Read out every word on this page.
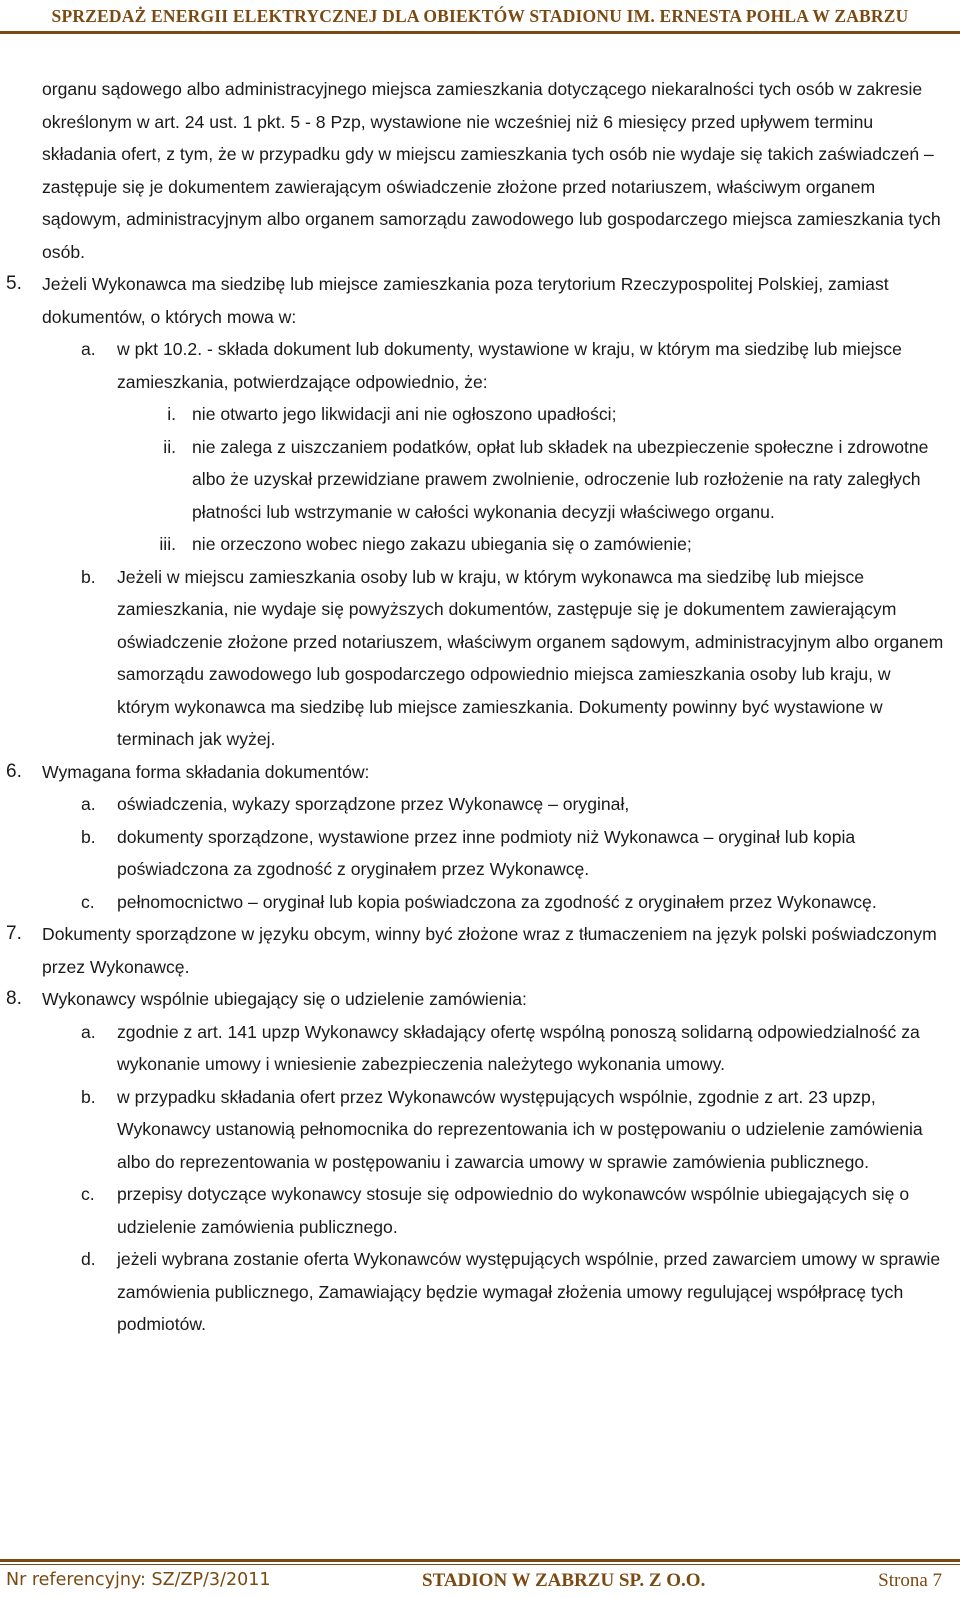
SPRZEDAŻ ENERGII ELEKTRYCZNEJ DLA OBIEKTÓW STADIONU IM. ERNESTA POHLA W ZABRZU

organu sądowego albo administracyjnego miejsca zamieszkania dotyczącego niekaralności tych osób w zakresie określonym w art. 24 ust. 1 pkt. 5 - 8 Pzp, wystawione nie wcześniej niż 6 miesięcy przed upływem terminu składania ofert, z tym, że w przypadku gdy w miejscu zamieszkania tych osób nie wydaje się takich zaświadczeń – zastępuje się je dokumentem zawierającym oświadczenie złożone przed notariuszem, właściwym organem sądowym, administracyjnym albo organem samorządu zawodowego lub gospodarczego miejsca zamieszkania tych osób.

5. Jeżeli Wykonawca ma siedzibę lub miejsce zamieszkania poza terytorium Rzeczypospolitej Polskiej, zamiast dokumentów, o których mowa w:
a. w pkt 10.2. - składa dokument lub dokumenty, wystawione w kraju, w którym ma siedzibę lub miejsce zamieszkania, potwierdzające odpowiednio, że:
i. nie otwarto jego likwidacji ani nie ogłoszono upadłości;
ii. nie zalega z uiszczaniem podatków, opłat lub składek na ubezpieczenie społeczne i zdrowotne albo że uzyskał przewidziane prawem zwolnienie, odroczenie lub rozłożenie na raty zaległych płatności lub wstrzymanie w całości wykonania decyzji właściwego organu.
iii. nie orzeczono wobec niego zakazu ubiegania się o zamówienie;
b. Jeżeli w miejscu zamieszkania osoby lub w kraju, w którym wykonawca ma siedzibę lub miejsce zamieszkania, nie wydaje się powyższych dokumentów, zastępuje się je dokumentem zawierającym oświadczenie złożone przed notariuszem, właściwym organem sądowym, administracyjnym albo organem samorządu zawodowego lub gospodarczego odpowiednio miejsca zamieszkania osoby lub kraju, w którym wykonawca ma siedzibę lub miejsce zamieszkania. Dokumenty powinny być wystawione w terminach jak wyżej.
6. Wymagana forma składania dokumentów:
a. oświadczenia, wykazy sporządzone przez Wykonawcę – oryginał,
b. dokumenty sporządzone, wystawione przez inne podmioty niż Wykonawca – oryginał lub kopia poświadczona za zgodność z oryginałem przez Wykonawcę.
c. pełnomocnictwo – oryginał lub kopia poświadczona za zgodność z oryginałem przez Wykonawcę.
7. Dokumenty sporządzone w języku obcym, winny być złożone wraz z tłumaczeniem na język polski poświadczonym przez Wykonawcę.
8. Wykonawcy wspólnie ubiegający się o udzielenie zamówienia:
a. zgodnie z art. 141 upzp Wykonawcy składający ofertę wspólną ponoszą solidarną odpowiedzialność za wykonanie umowy i wniesienie zabezpieczenia należytego wykonania umowy.
b. w przypadku składania ofert przez Wykonawców występujących wspólnie, zgodnie z art. 23 upzp, Wykonawcy ustanowią pełnomocnika do reprezentowania ich w postępowaniu o udzielenie zamówienia albo do reprezentowania w postępowaniu i zawarcia umowy w sprawie zamówienia publicznego.
c. przepisy dotyczące wykonawcy stosuje się odpowiednio do wykonawców wspólnie ubiegających się o udzielenie zamówienia publicznego.
d. jeżeli wybrana zostanie oferta Wykonawców występujących wspólnie, przed zawarciem umowy w sprawie zamówienia publicznego, Zamawiający będzie wymagał złożenia umowy regulującej współpracę tych podmiotów.
Nr referencyjny: SZ/ZP/3/2011	STADION W ZABRZU SP. Z O.O.	Strona 7
